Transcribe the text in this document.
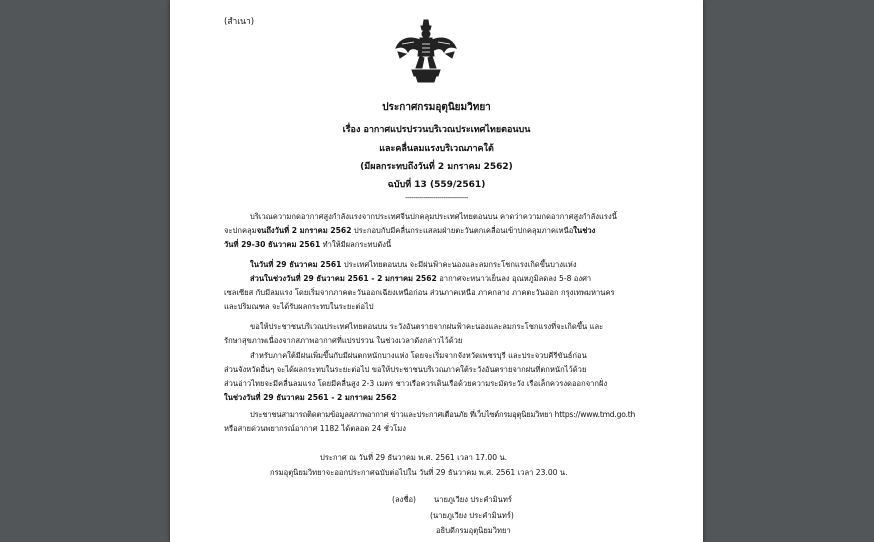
(สำเนา)
ประกาศกรมอุตุนิยมวิทยา
เรื่อง อากาศแปรปรวนบริเวณประเทศไทยตอนบน
และคลื่นลมแรงบริเวณภาคใต้
(มีผลกระทบถึงวันที่ 2 มกราคม 2562)
ฉบับที่ 13 (559/2561)
-------------------------------
บริเวณความกดอากาศสูงกำลังแรงจากประเทศจีนปกคลุมประเทศไทยตอนบน คาดว่าความกดอากาศสูงกำลังแรงนี้
จะปกคลุมจนถึงวันที่ 2 มกราคม 2562 ประกอบกับมีคลื่นกระแสลมฝ่ายตะวันตกเคลื่อนเข้าปกคลุมภาคเหนือในช่วง
วันที่ 29-30 ธันวาคม 2561 ทำให้มีผลกระทบดังนี้
ในวันที่ 29 ธันวาคม 2561 ประเทศไทยตอนบน จะมีฝนฟ้าคะนองและลมกระโชกแรงเกิดขึ้นบางแห่ง
ส่วนในช่วงวันที่ 29 ธันวาคม 2561 - 2 มกราคม 2562 อากาศจะหนาวเย็นลง อุณหภูมิลดลง 5-8 องศา
เซลเซียส กับมีลมแรง โดยเริ่มจากภาคตะวันออกเฉียงเหนือก่อน ส่วนภาคเหนือ ภาคกลาง ภาคตะวันออก กรุงเทพมหานคร
และปริมณฑล จะได้รับผลกระทบในระยะต่อไป
ขอให้ประชาชนบริเวณประเทศไทยตอนบน ระวังอันตรายจากฝนฟ้าคะนองและลมกระโชกแรงที่จะเกิดขึ้น และ
รักษาสุขภาพเนื่องจากสภาพอากาศที่แปรปรวน ในช่วงเวลาดังกล่าวไว้ด้วย
สำหรับภาคใต้มีฝนเพิ่มขึ้นกับมีฝนตกหนักบางแห่ง โดยจะเริ่มจากจังหวัดเพชรบุรี และประจวบคีรีขันธ์ก่อน
ส่วนจังหวัดอื่นๆ จะได้ผลกระทบในระยะต่อไป ขอให้ประชาชนบริเวณภาคใต้ระวังอันตรายจากฝนที่ตกหนักไว้ด้วย
ส่วนอ่าวไทยจะมีคลื่นลมแรง โดยมีคลื่นสูง 2-3 เมตร ชาวเรือควรเดินเรือด้วยความระมัดระวัง เรือเล็กควรงดออกจากฝั่ง
ในช่วงวันที่ 29 ธันวาคม 2561 - 2 มกราคม 2562
ประชาชนสามารถติดตามข้อมูลสภาพอากาศ ข่าวและประกาศเตือนภัย ที่เว็บไซต์กรมอุตุนิยมวิทยา https://www.tmd.go.th
หรือสายด่วนพยากรณ์อากาศ 1182 ได้ตลอด 24 ชั่วโมง
ประกาศ ณ วันที่ 29 ธันวาคม พ.ศ. 2561 เวลา 17.00 น.
กรมอุตุนิยมวิทยาจะออกประกาศฉบับต่อไปใน วันที่ 29 ธันวาคม พ.ศ. 2561 เวลา 23.00 น.
(ลงชื่อ) นายภูเวียง ประคำมินทร์
(นายภูเวียง ประคำมินทร์)
อธิบดีกรมอุตุนิยมวิทยา
